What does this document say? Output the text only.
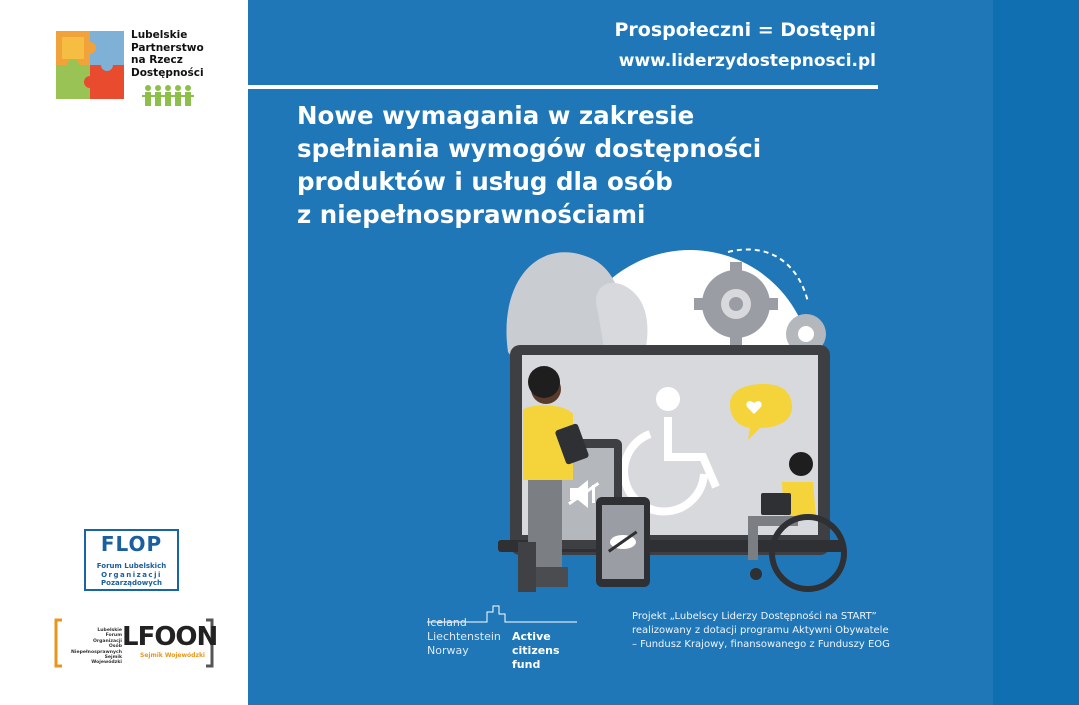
Lubelskie
Partnerstwo
na Rzecz
Dostępności
Prospołeczni = Dostępni
www.liderzydostepnosci.pl
Nowe wymagania w zakresie
spełniania wymogów dostępności
produktów i usług dla osób
z niepełnosprawnościami
FLOP
Forum Lubelskich
Organizacji
Pozarządowych
Lubelskie
Forum
Organizacji
Osób
Niepełnosprawnych
Sejmik
Wojewódzki
LFOON
Sejmik Wojewódzki
Iceland
Liechtenstein
Norway
Active
citizens fund
Projekt „Lubelscy Liderzy Dostępności na START”
realizowany z dotacji programu Aktywni Obywatele
– Fundusz Krajowy, finansowanego z Funduszy EOG
